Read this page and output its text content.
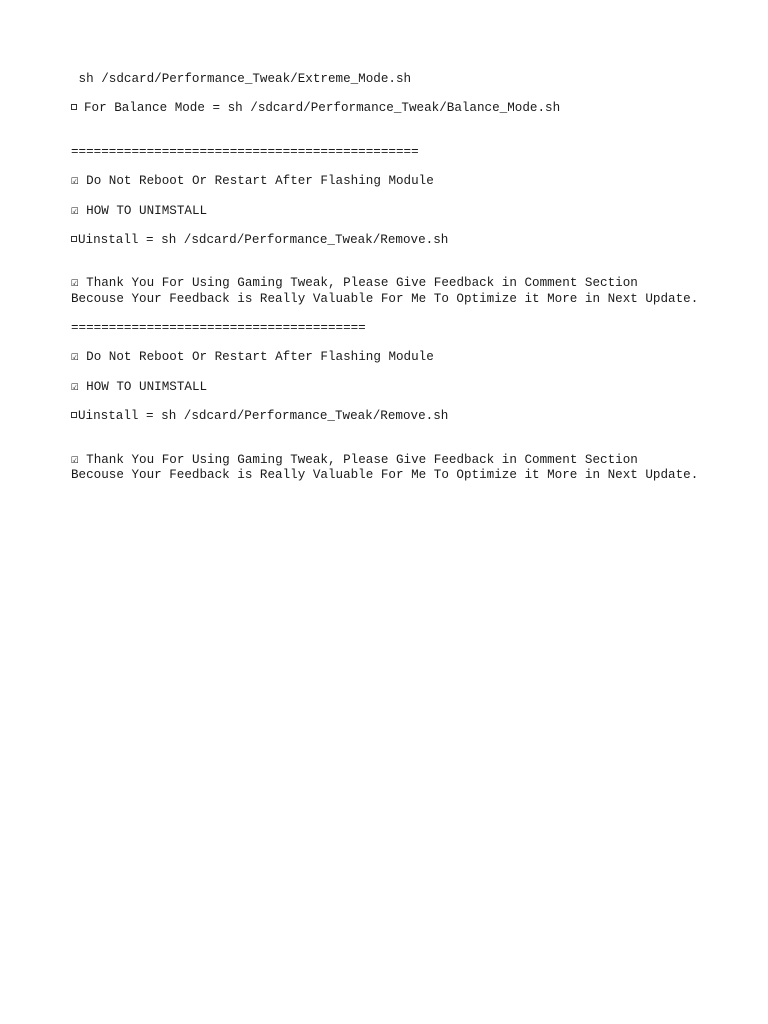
sh /sdcard/Performance_Tweak/Extreme_Mode.sh
For Balance Mode = sh /sdcard/Performance_Tweak/Balance_Mode.sh
==============================================
☑ Do Not Reboot Or Restart After Flashing Module
☑ HOW TO UNIMSTALL
Uinstall = sh /sdcard/Performance_Tweak/Remove.sh
☑ Thank You For Using Gaming Tweak, Please Give Feedback in Comment Section
Becouse Your Feedback is Really Valuable For Me To Optimize it More in Next Update.
=======================================
☑ Do Not Reboot Or Restart After Flashing Module
☑ HOW TO UNIMSTALL
Uinstall = sh /sdcard/Performance_Tweak/Remove.sh
☑ Thank You For Using Gaming Tweak, Please Give Feedback in Comment Section
Becouse Your Feedback is Really Valuable For Me To Optimize it More in Next Update.
